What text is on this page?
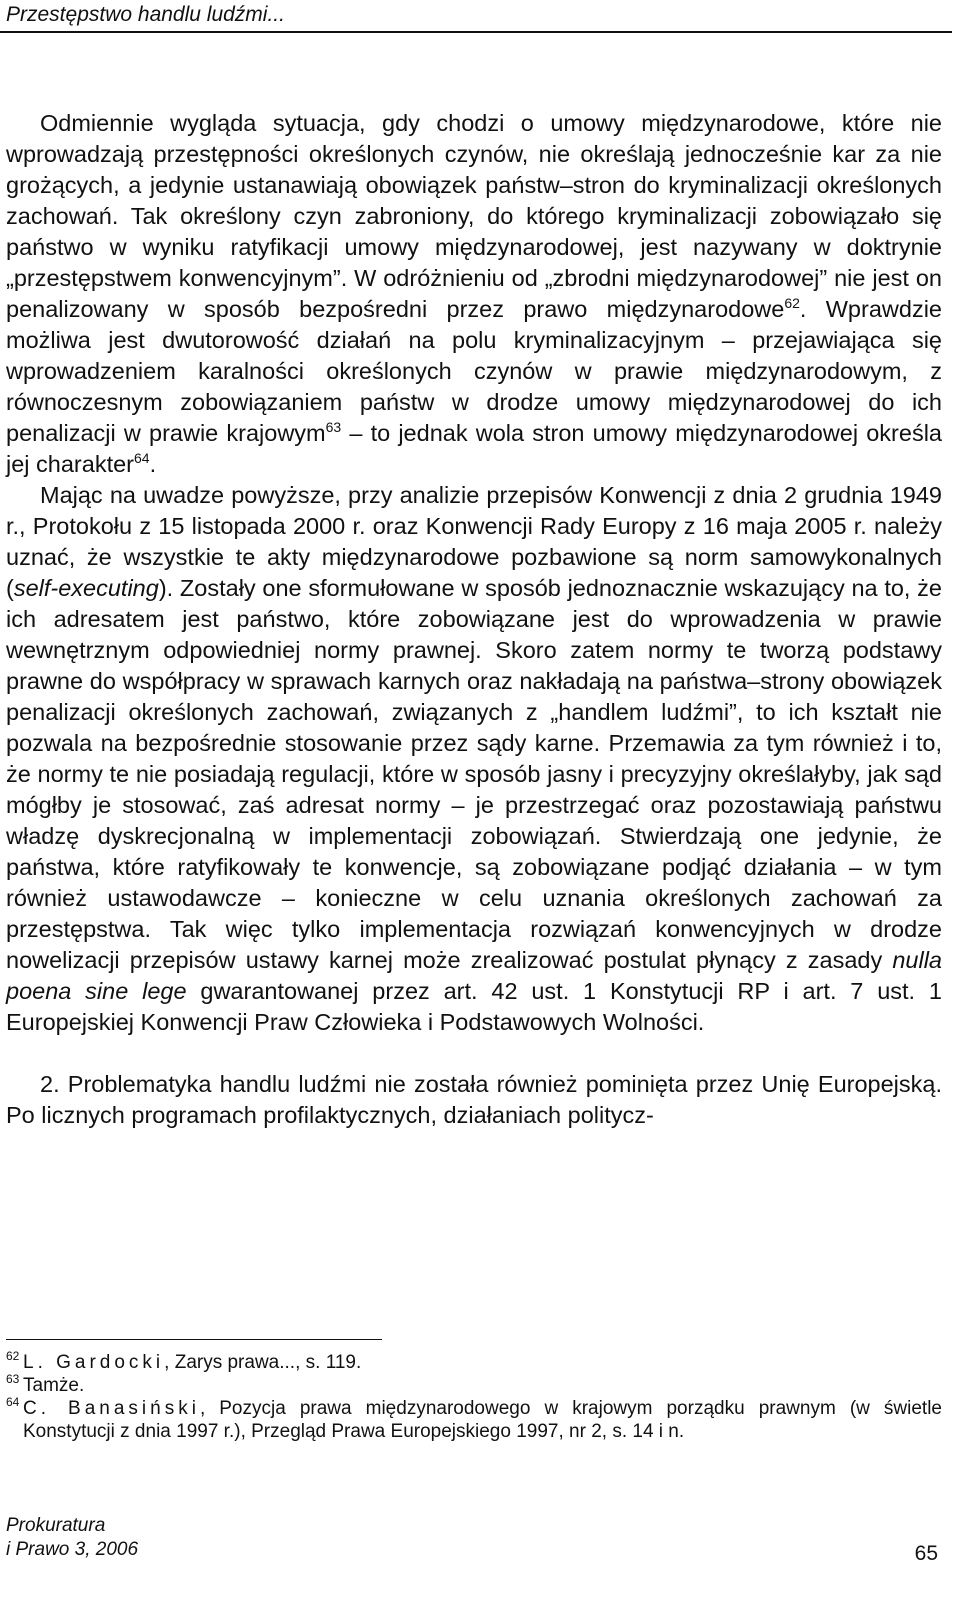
Przestępstwo handlu ludźmi...

Odmiennie wygląda sytuacja, gdy chodzi o umowy międzynarodowe, które nie wprowadzają przestępności określonych czynów, nie określają jednocześnie kar za nie grożących, a jedynie ustanawiają obowiązek państw–stron do kryminalizacji określonych zachowań. Tak określony czyn zabroniony, do którego kryminalizacji zobowiązało się państwo w wyniku ratyfikacji umowy międzynarodowej, jest nazywany w doktrynie „przestępstwem konwencyjnym”. W odróżnieniu od „zbrodni międzynarodowej” nie jest on penalizowany w sposób bezpośredni przez prawo międzynarodowe$^{62}$. Wprawdzie możliwa jest dwutorowość działań na polu kryminalizacyjnym – przejawiająca się wprowadzeniem karalności określonych czynów w prawie międzynarodowym, z równoczesnym zobowiązaniem państw w drodze umowy międzynarodowej do ich penalizacji w prawie krajowym$^{63}$ – to jednak wola stron umowy międzynarodowej określa jej charakter$^{64}$.

Mając na uwadze powyższe, przy analizie przepisów Konwencji z dnia 2 grudnia 1949 r., Protokołu z 15 listopada 2000 r. oraz Konwencji Rady Europy z 16 maja 2005 r. należy uznać, że wszystkie te akty międzynarodowe pozbawione są norm samowykonalnych (self-executing). Zostały one sformułowane w sposób jednoznacznie wskazujący na to, że ich adresatem jest państwo, które zobowiązane jest do wprowadzenia w prawie wewnętrznym odpowiedniej normy prawnej. Skoro zatem normy te tworzą podstawy prawne do współpracy w sprawach karnych oraz nakładają na państwa–strony obowiązek penalizacji określonych zachowań, związanych z „handlem ludźmi”, to ich kształt nie pozwala na bezpośrednie stosowanie przez sądy karne. Przemawia za tym również i to, że normy te nie posiadają regulacji, które w sposób jasny i precyzyjny określałyby, jak sąd mógłby je stosować, zaś adresat normy – je przestrzegać oraz pozostawiają państwu władzę dyskrecjonalną w implementacji zobowiązań. Stwierdzają one jedynie, że państwa, które ratyfikowały te konwencje, są zobowiązane podjąć działania – w tym również ustawodawcze – konieczne w celu uznania określonych zachowań za przestępstwa. Tak więc tylko implementacja rozwiązań konwencyjnych w drodze nowelizacji przepisów ustawy karnej może zrealizować postulat płynący z zasady nulla poena sine lege gwarantowanej przez art. 42 ust. 1 Konstytucji RP i art. 7 ust. 1 Europejskiej Konwencji Praw Człowieka i Podstawowych Wolności.

2. Problematyka handlu ludźmi nie została również pominięta przez Unię Europejską. Po licznych programach profilaktycznych, działaniach politycz-

62 L. Gardocki, Zarys prawa..., s. 119.
63 Tamże.
64 C. Banasiński, Pozycja prawa międzynarodowego w krajowym porządku prawnym (w świetle Konstytucji z dnia 1997 r.), Przegląd Prawa Europejskiego 1997, nr 2, s. 14 i n.
Prokuratura
i Prawo 3, 2006	65
